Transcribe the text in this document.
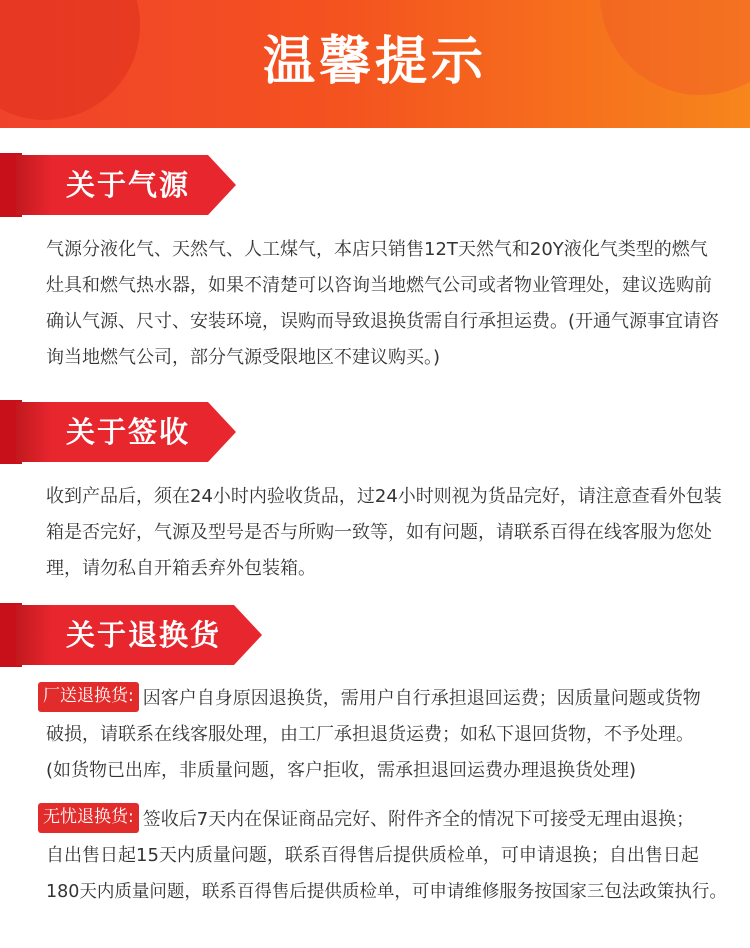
温馨提示
关于气源
气源分液化气、天然气、人工煤气，本店只销售12T天然气和20Y液化气类型的燃气
灶具和燃气热水器，如果不清楚可以咨询当地燃气公司或者物业管理处，建议选购前
确认气源、尺寸、安装环境，误购而导致退换货需自行承担运费。(开通气源事宜请咨
询当地燃气公司，部分气源受限地区不建议购买。)
关于签收
收到产品后，须在24小时内验收货品，过24小时则视为货品完好，请注意查看外包装
箱是否完好，气源及型号是否与所购一致等，如有问题，请联系百得在线客服为您处
理，请勿私自开箱丢弃外包装箱。
关于退换货
厂送退换货: 因客户自身原因退换货，需用户自行承担退回运费；因质量问题或货物
破损，请联系在线客服处理，由工厂承担退货运费；如私下退回货物，不予处理。
(如货物已出库，非质量问题，客户拒收，需承担退回运费办理退换货处理)
无忧退换货: 签收后7天内在保证商品完好、附件齐全的情况下可接受无理由退换；
自出售日起15天内质量问题，联系百得售后提供质检单，可申请退换；自出售日起
180天内质量问题，联系百得售后提供质检单，可申请维修服务按国家三包法政策执行。
